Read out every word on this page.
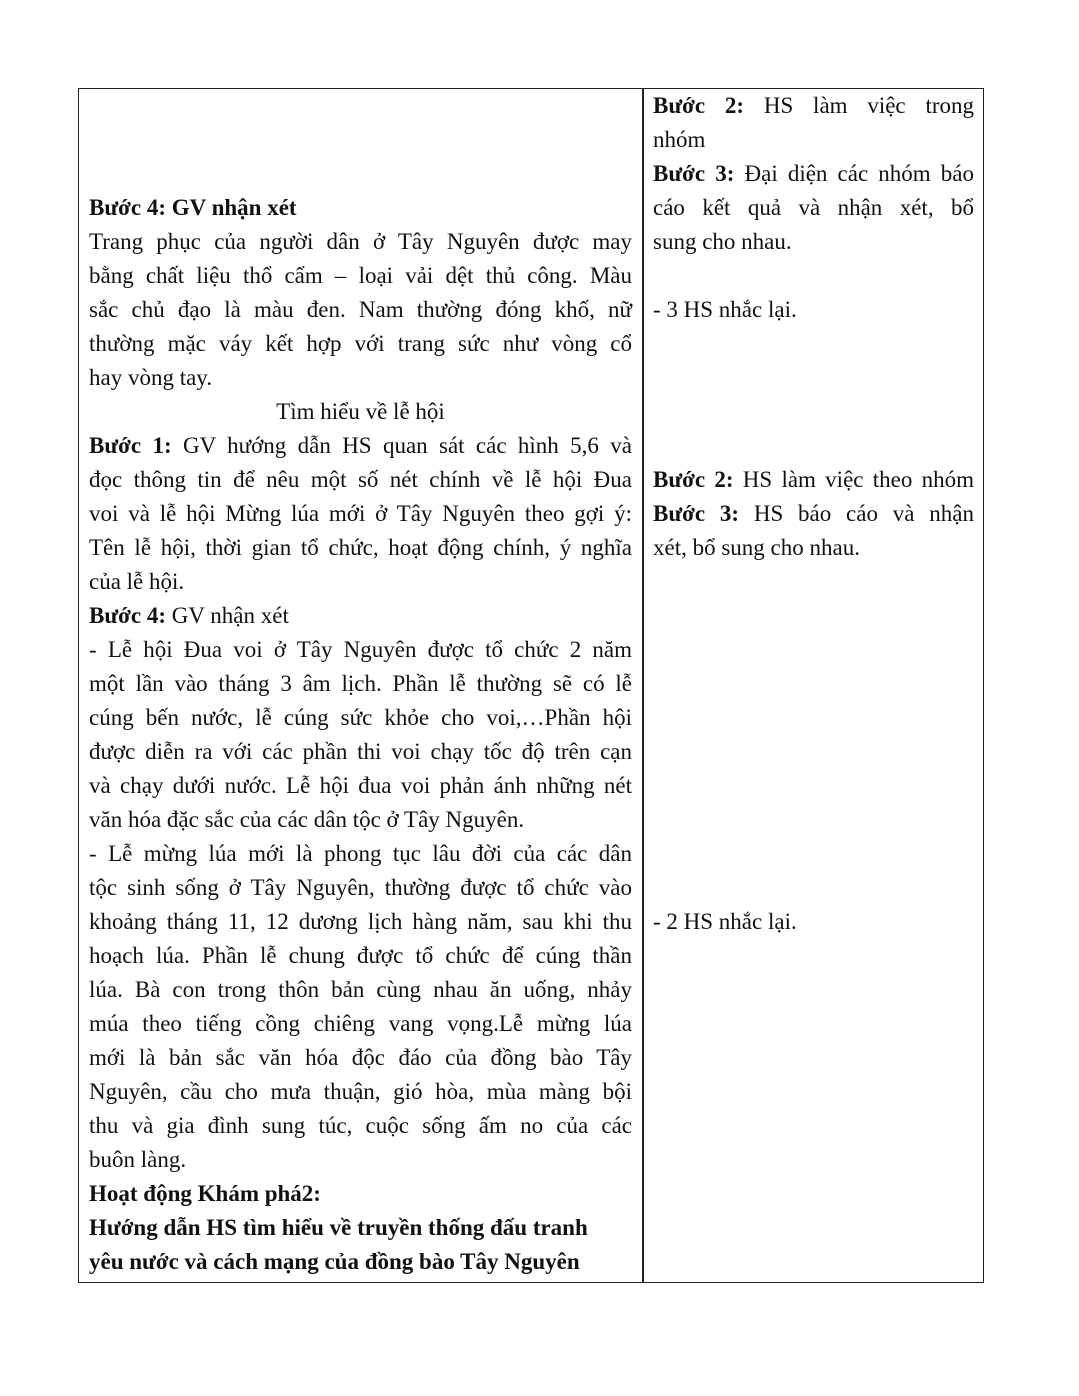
Bước 2: HS làm việc trong
nhóm
Bước 3: Đại diện các nhóm báo
cáo kết quả và nhận xét, bổ
sung cho nhau.
- 3 HS nhắc lại.
Bước 2: HS làm việc theo nhóm
Bước 3: HS báo cáo và nhận
xét, bổ sung cho nhau.
- 2 HS nhắc lại.
Bước 4: GV nhận xét
Trang phục của người dân ở Tây Nguyên được may
bằng chất liệu thổ cẩm – loại vải dệt thủ công. Màu
sắc chủ đạo là màu đen. Nam thường đóng khố, nữ
thường mặc váy kết hợp với trang sức như vòng cổ
hay vòng tay.
Tìm hiểu về lễ hội
Bước 1: GV hướng dẫn HS quan sát các hình 5,6 và
đọc thông tin để nêu một số nét chính về lễ hội Đua
voi và lễ hội Mừng lúa mới ở Tây Nguyên theo gợi ý:
Tên lễ hội, thời gian tổ chức, hoạt động chính, ý nghĩa
của lễ hội.
Bước 4: GV nhận xét
- Lễ hội Đua voi ở Tây Nguyên được tổ chức 2 năm
một lần vào tháng 3 âm lịch. Phần lễ thường sẽ có lễ
cúng bến nước, lễ cúng sức khỏe cho voi,…Phần hội
được diễn ra với các phần thi voi chạy tốc độ trên cạn
và chạy dưới nước. Lễ hội đua voi phản ánh những nét
văn hóa đặc sắc của các dân tộc ở Tây Nguyên.
- Lễ mừng lúa mới là phong tục lâu đời của các dân
tộc sinh sống ở Tây Nguyên, thường được tổ chức vào
khoảng tháng 11, 12 dương lịch hàng năm, sau khi thu
hoạch lúa. Phần lễ chung được tổ chức để cúng thần
lúa. Bà con trong thôn bản cùng nhau ăn uống, nhảy
múa theo tiếng cồng chiêng vang vọng.Lễ mừng lúa
mới là bản sắc văn hóa độc đáo của đồng bào Tây
Nguyên, cầu cho mưa thuận, gió hòa, mùa màng bội
thu và gia đình sung túc, cuộc sống ấm no của các
buôn làng.
Hoạt động Khám phá2:
Hướng dẫn HS tìm hiểu về truyền thống đấu tranh
yêu nước và cách mạng của đồng bào Tây Nguyên
